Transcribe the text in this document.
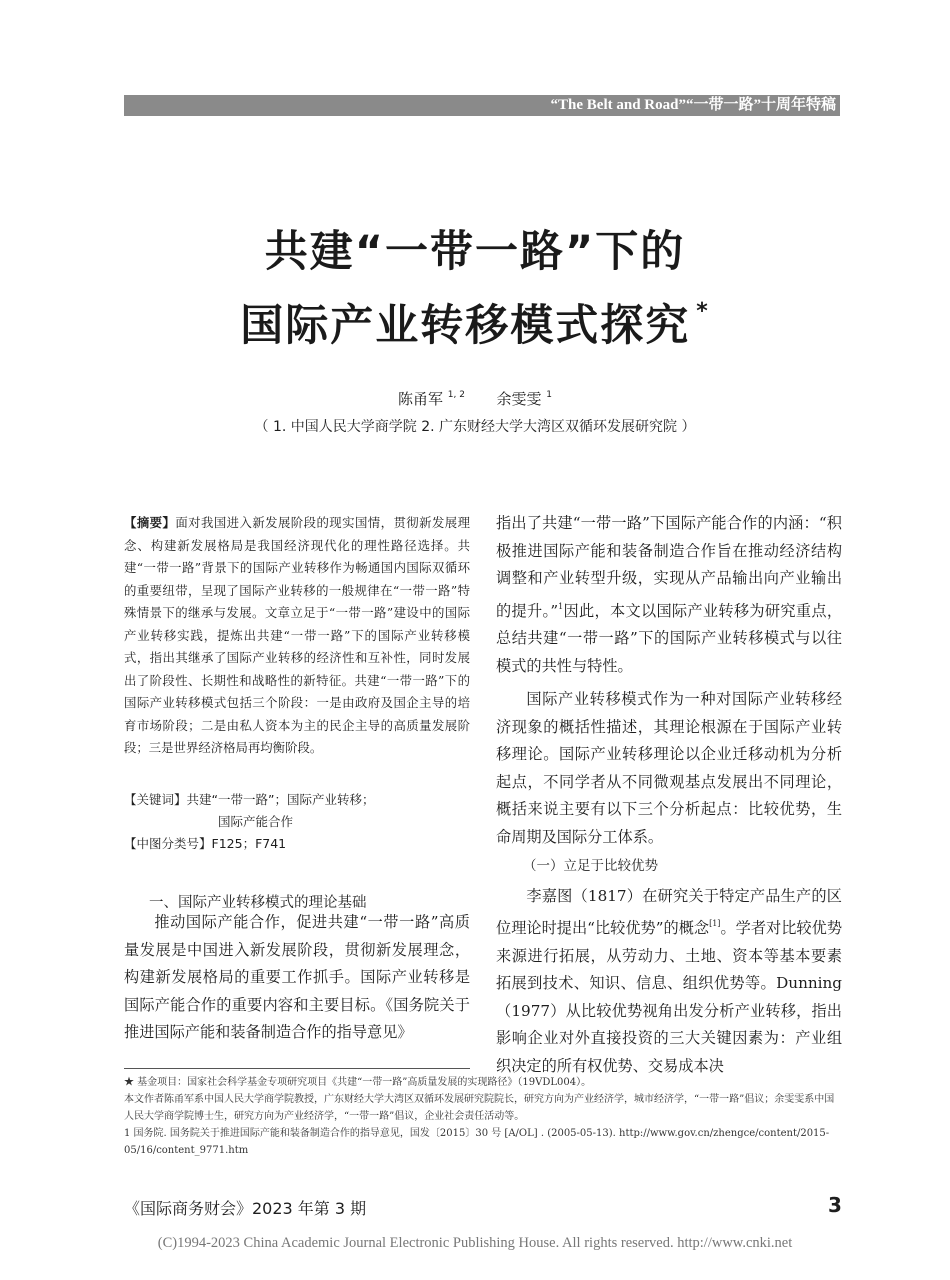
“The Belt and Road”“一带一路”十周年特稿
共建“一带一路”下的
国际产业转移模式探究 *
陈甬军 $^{1, 2}$ 余雯雯 $^1$
（ 1. 中国人民大学商学院 2. 广东财经大学大湾区双循环发展研究院 ）
【摘要】面对我国进入新发展阶段的现实国情，贯彻新发展理念、构建新发展格局是我国经济现代化的理性路径选择。共建“一带一路”背景下的国际产业转移作为畅通国内国际双循环的重要纽带，呈现了国际产业转移的一般规律在“一带一路”特殊情景下的继承与发展。文章立足于“一带一路”建设中的国际产业转移实践，提炼出共建“一带一路”下的国际产业转移模式，指出其继承了国际产业转移的经济性和互补性，同时发展出了阶段性、长期性和战略性的新特征。共建“一带一路”下的国际产业转移模式包括三个阶段：一是由政府及国企主导的培育市场阶段；二是由私人资本为主的民企主导的高质量发展阶段；三是世界经济格局再均衡阶段。
【关键词】共建“一带一路”；国际产业转移；
国际产能合作
【中图分类号】F125；F741
一、国际产业转移模式的理论基础

推动国际产能合作，促进共建“一带一路”高质量发展是中国进入新发展阶段，贯彻新发展理念，构建新发展格局的重要工作抓手。国际产业转移是国际产能合作的重要内容和主要目标。《国务院关于推进国际产能和装备制造合作的指导意见》

指出了共建“一带一路”下国际产能合作的内涵：“积极推进国际产能和装备制造合作旨在推动经济结构调整和产业转型升级，实现从产品输出向产业输出的提升。”$^1$因此，本文以国际产业转移为研究重点，总结共建“一带一路”下的国际产业转移模式与以往模式的共性与特性。

国际产业转移模式作为一种对国际产业转移经济现象的概括性描述，其理论根源在于国际产业转移理论。国际产业转移理论以企业迁移动机为分析起点，不同学者从不同微观基点发展出不同理论，概括来说主要有以下三个分析起点：比较优势，生命周期及国际分工体系。

（一）立足于比较优势

李嘉图（1817）在研究关于特定产品生产的区位理论时提出“比较优势”的概念[1]。学者对比较优势来源进行拓展，从劳动力、土地、资本等基本要素拓展到技术、知识、信息、组织优势等。Dunning（1977）从比较优势视角出发分析产业转移，指出影响企业对外直接投资的三大关键因素为：产业组织决定的所有权优势、交易成本决

★ 基金项目：国家社会科学基金专项研究项目《共建“一带一路”高质量发展的实现路径》（19VDL004）。
本文作者陈甬军系中国人民大学商学院教授，广东财经大学大湾区双循环发展研究院院长，研究方向为产业经济学，城市经济学，“一带一路”倡议；余雯雯系中国人民大学商学院博士生，研究方向为产业经济学，“一带一路”倡议，企业社会责任活动等。
1 国务院. 国务院关于推进国际产能和装备制造合作的指导意见，国发〔2015〕30 号 [A/OL] . (2005-05-13). http://www.gov.cn/zhengce/content/2015-05/16/content_9771.htm
《国际商务财会》2023 年第 3 期	3
(C)1994-2023 China Academic Journal Electronic Publishing House. All rights reserved. http://www.cnki.net
